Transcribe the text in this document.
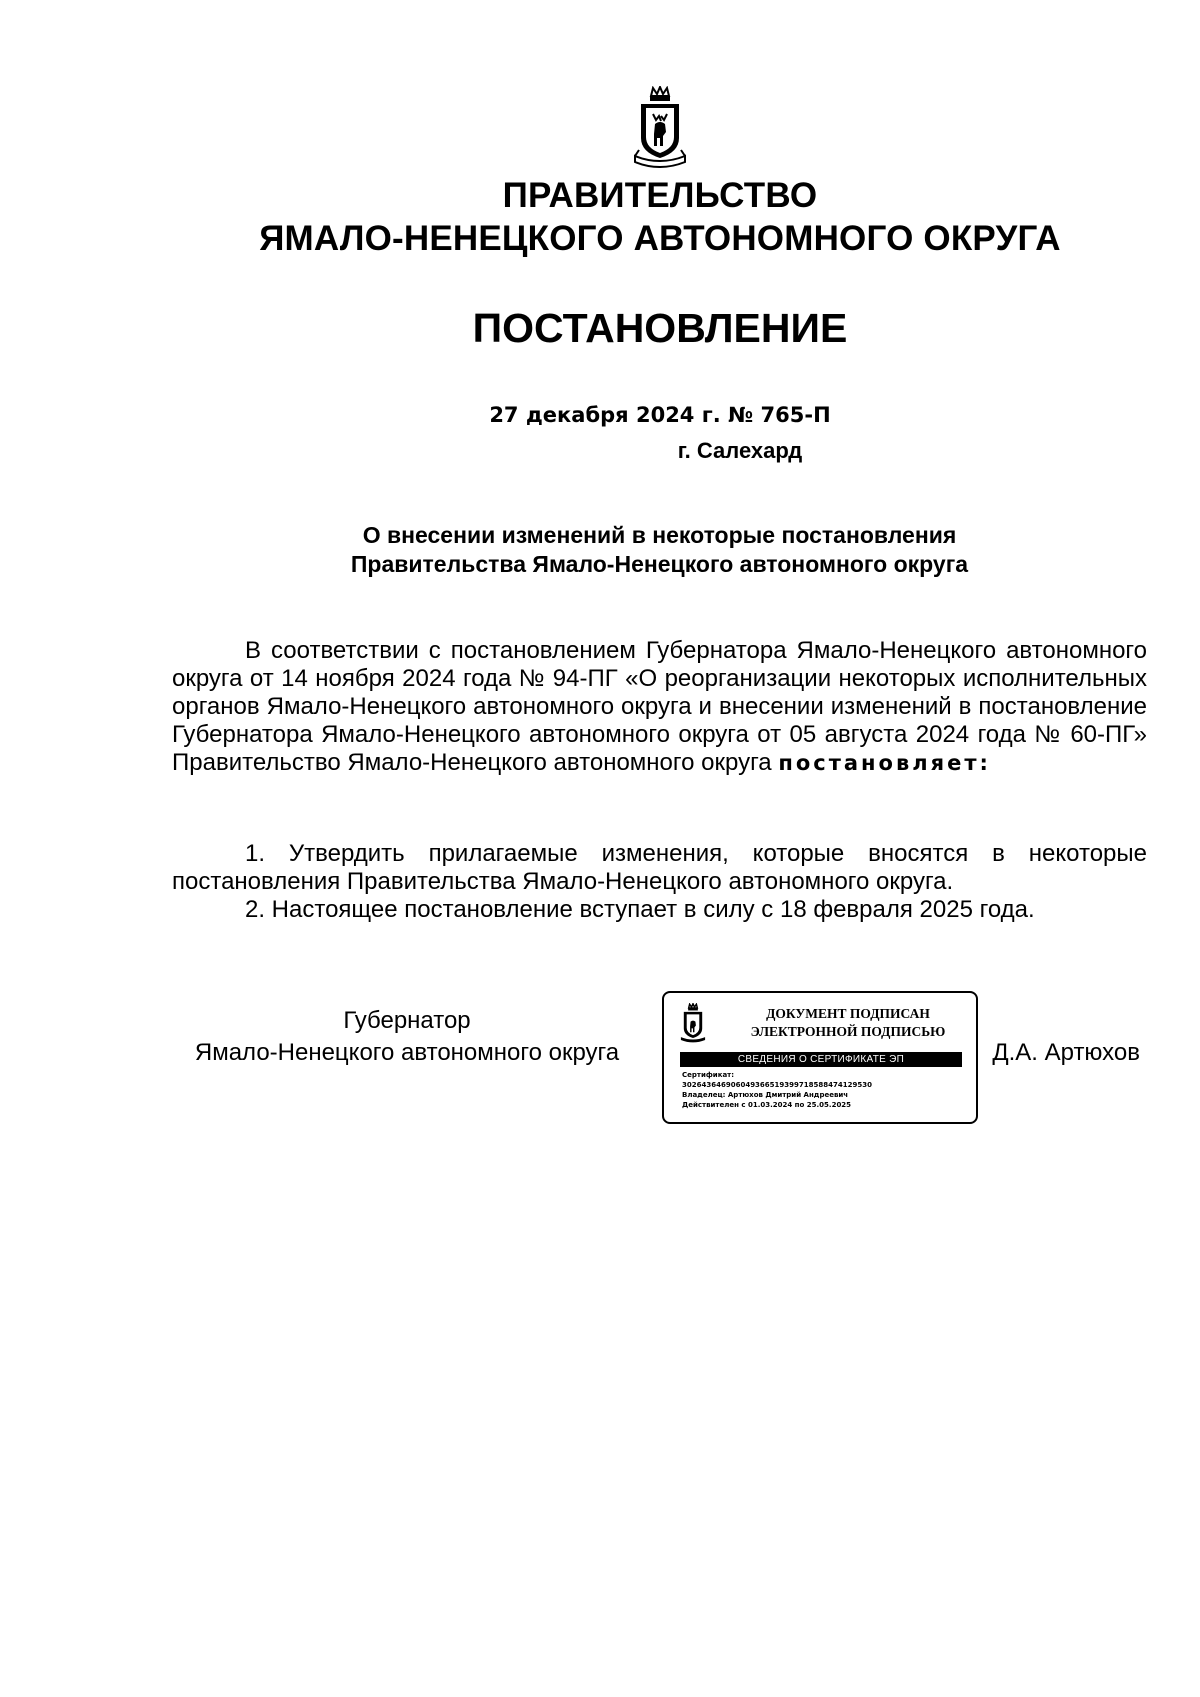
ПРАВИТЕЛЬСТВО
ЯМАЛО-НЕНЕЦКОГО АВТОНОМНОГО ОКРУГА
ПОСТАНОВЛЕНИЕ
27 декабря 2024 г. № 765-П
г. Салехард
О внесении изменений в некоторые постановления
Правительства Ямало-Ненецкого автономного округа

В соответствии с постановлением Губернатора Ямало-Ненецкого автономного округа от 14 ноября 2024 года № 94-ПГ «О реорганизации некоторых исполнительных органов Ямало-Ненецкого автономного округа и внесении изменений в постановление Губернатора Ямало-Ненецкого автономного округа от 05 августа 2024 года № 60-ПГ» Правительство Ямало-Ненецкого автономного округа постановляет:

1. Утвердить прилагаемые изменения, которые вносятся в некоторые постановления Правительства Ямало-Ненецкого автономного округа.

2. Настоящее постановление вступает в силу с 18 февраля 2025 года.

Губернатор
Ямало-Ненецкого автономного округа
ДОКУМЕНТ ПОДПИСАН
ЭЛЕКТРОННОЙ ПОДПИСЬЮ
СВЕДЕНИЯ О СЕРТИФИКАТЕ ЭП
Сертификат:
30264364690604936651939971858847412953​0
Владелец: Артюхов Дмитрий Андреевич
Действителен с 01.03.2024 по 25.05.2025
Д.А. Артюхов
